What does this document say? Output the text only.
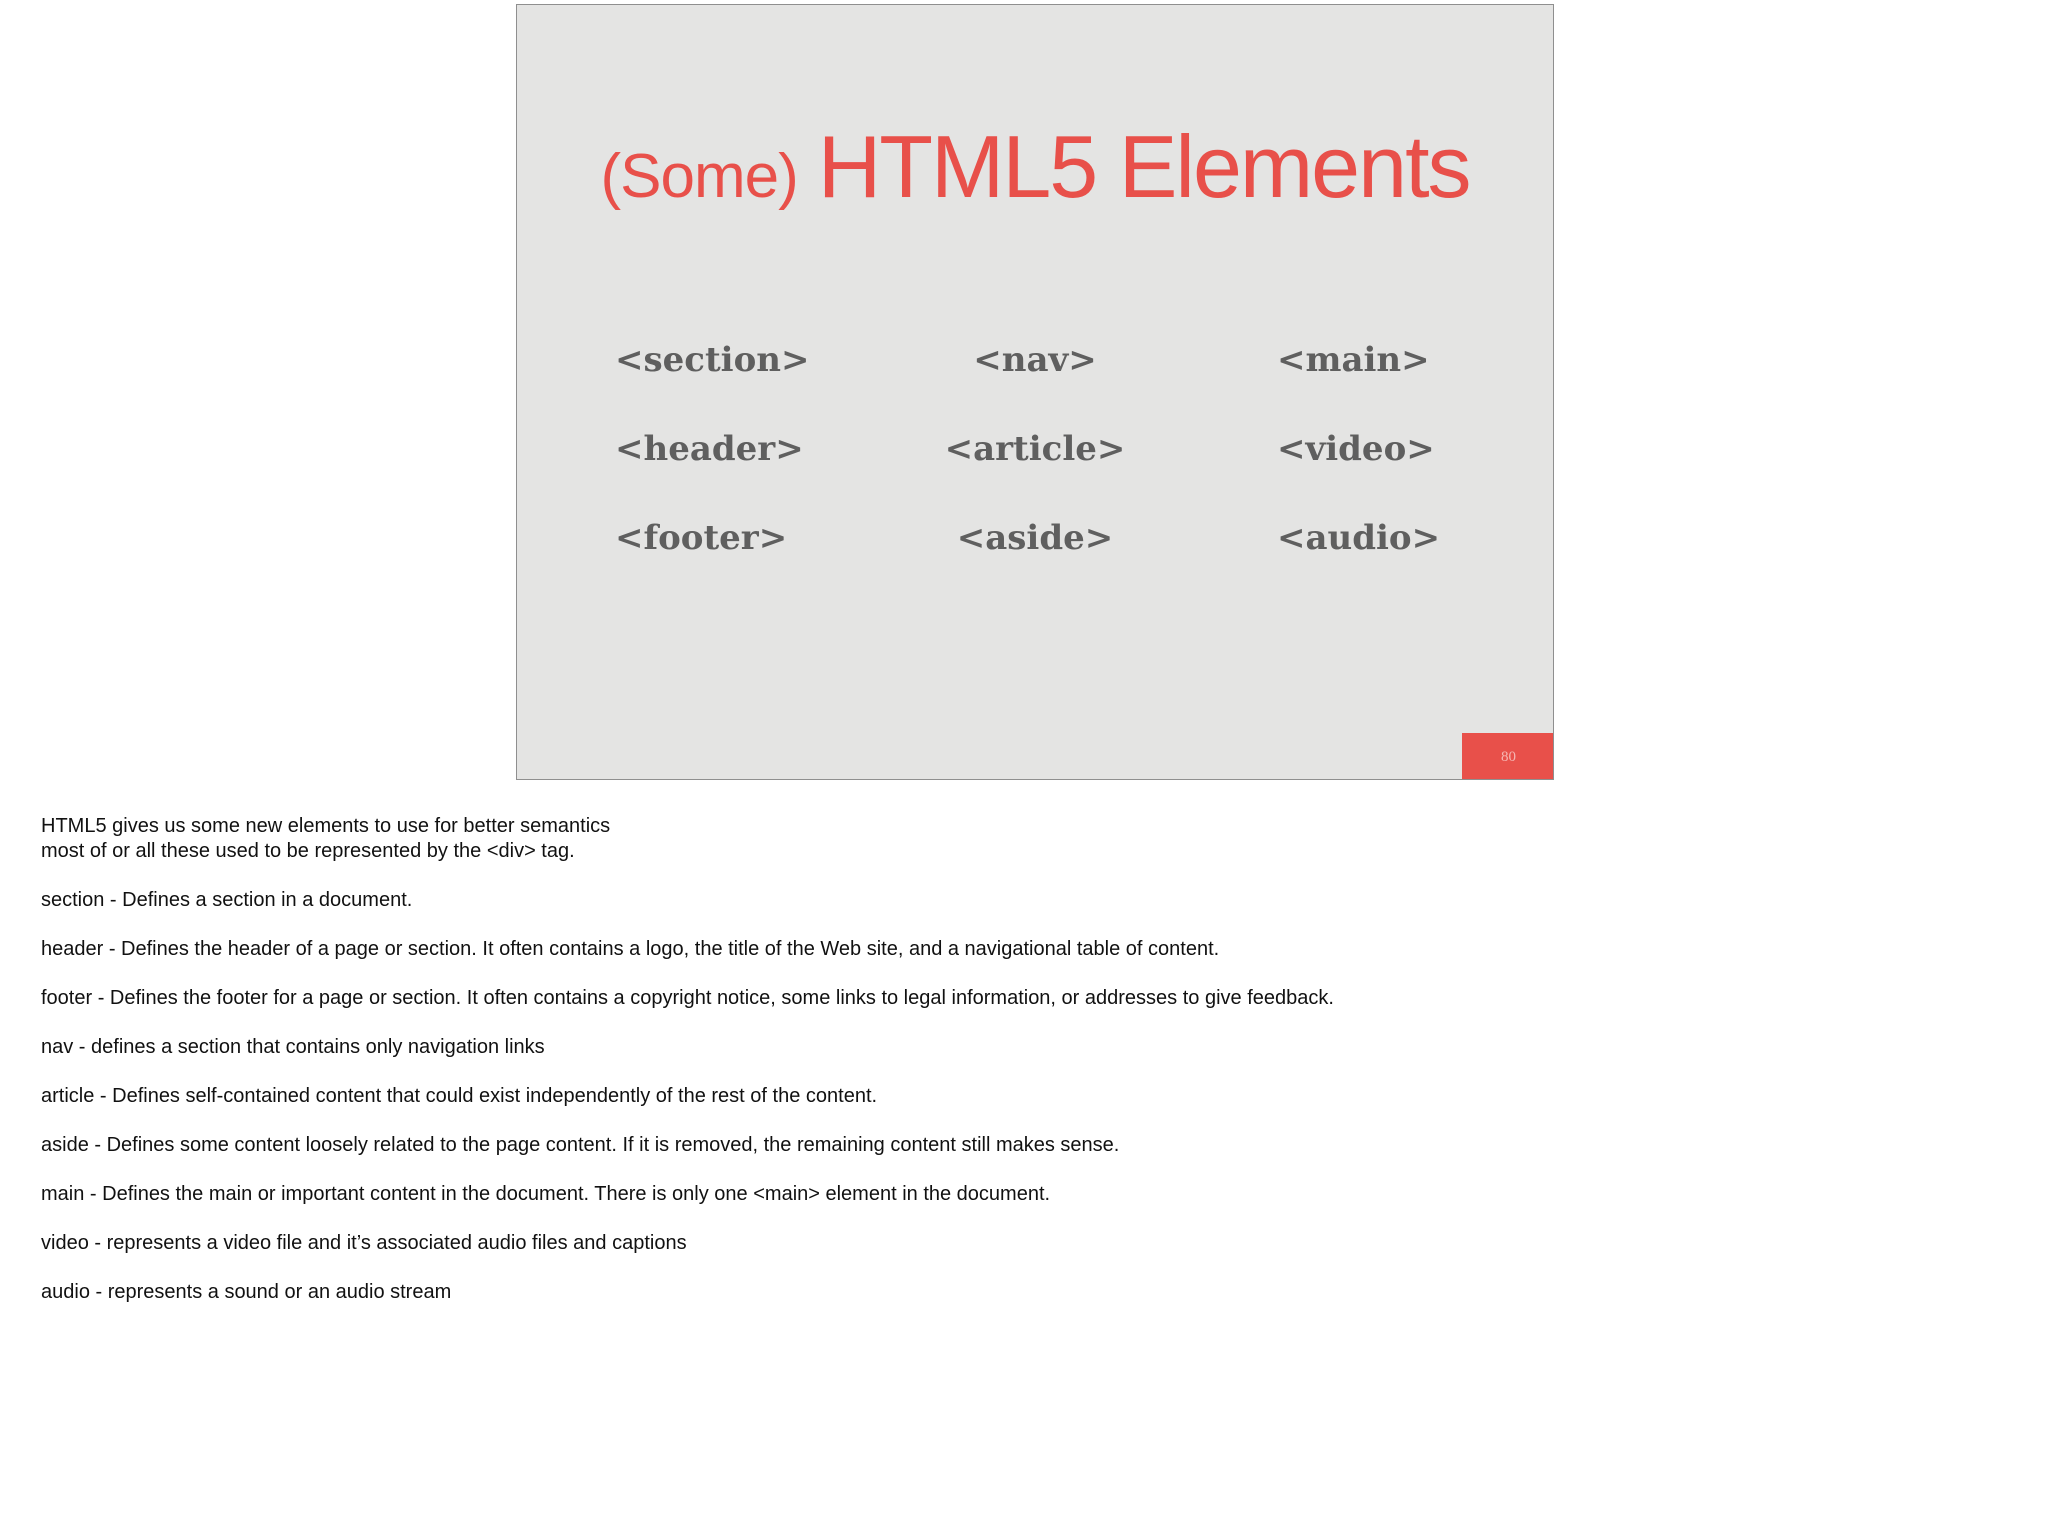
(Some) HTML5 Elements
<section>	<nav>	<main>
<header>	<article>	<video>
<footer>	<aside>	<audio>
80

HTML5 gives us some new elements to use for better semantics

most of or all these used to be represented by the <div> tag.

section - Defines a section in a document.

header - Defines the header of a page or section. It often contains a logo, the title of the Web site, and a navigational table of content.

footer - Defines the footer for a page or section. It often contains a copyright notice, some links to legal information, or addresses to give feedback.

nav - defines a section that contains only navigation links

article - Defines self-contained content that could exist independently of the rest of the content.

aside - Defines some content loosely related to the page content. If it is removed, the remaining content still makes sense.

main - Defines the main or important content in the document. There is only one <main> element in the document.

video - represents a video file and it’s associated audio files and captions

audio - represents a sound or an audio stream
